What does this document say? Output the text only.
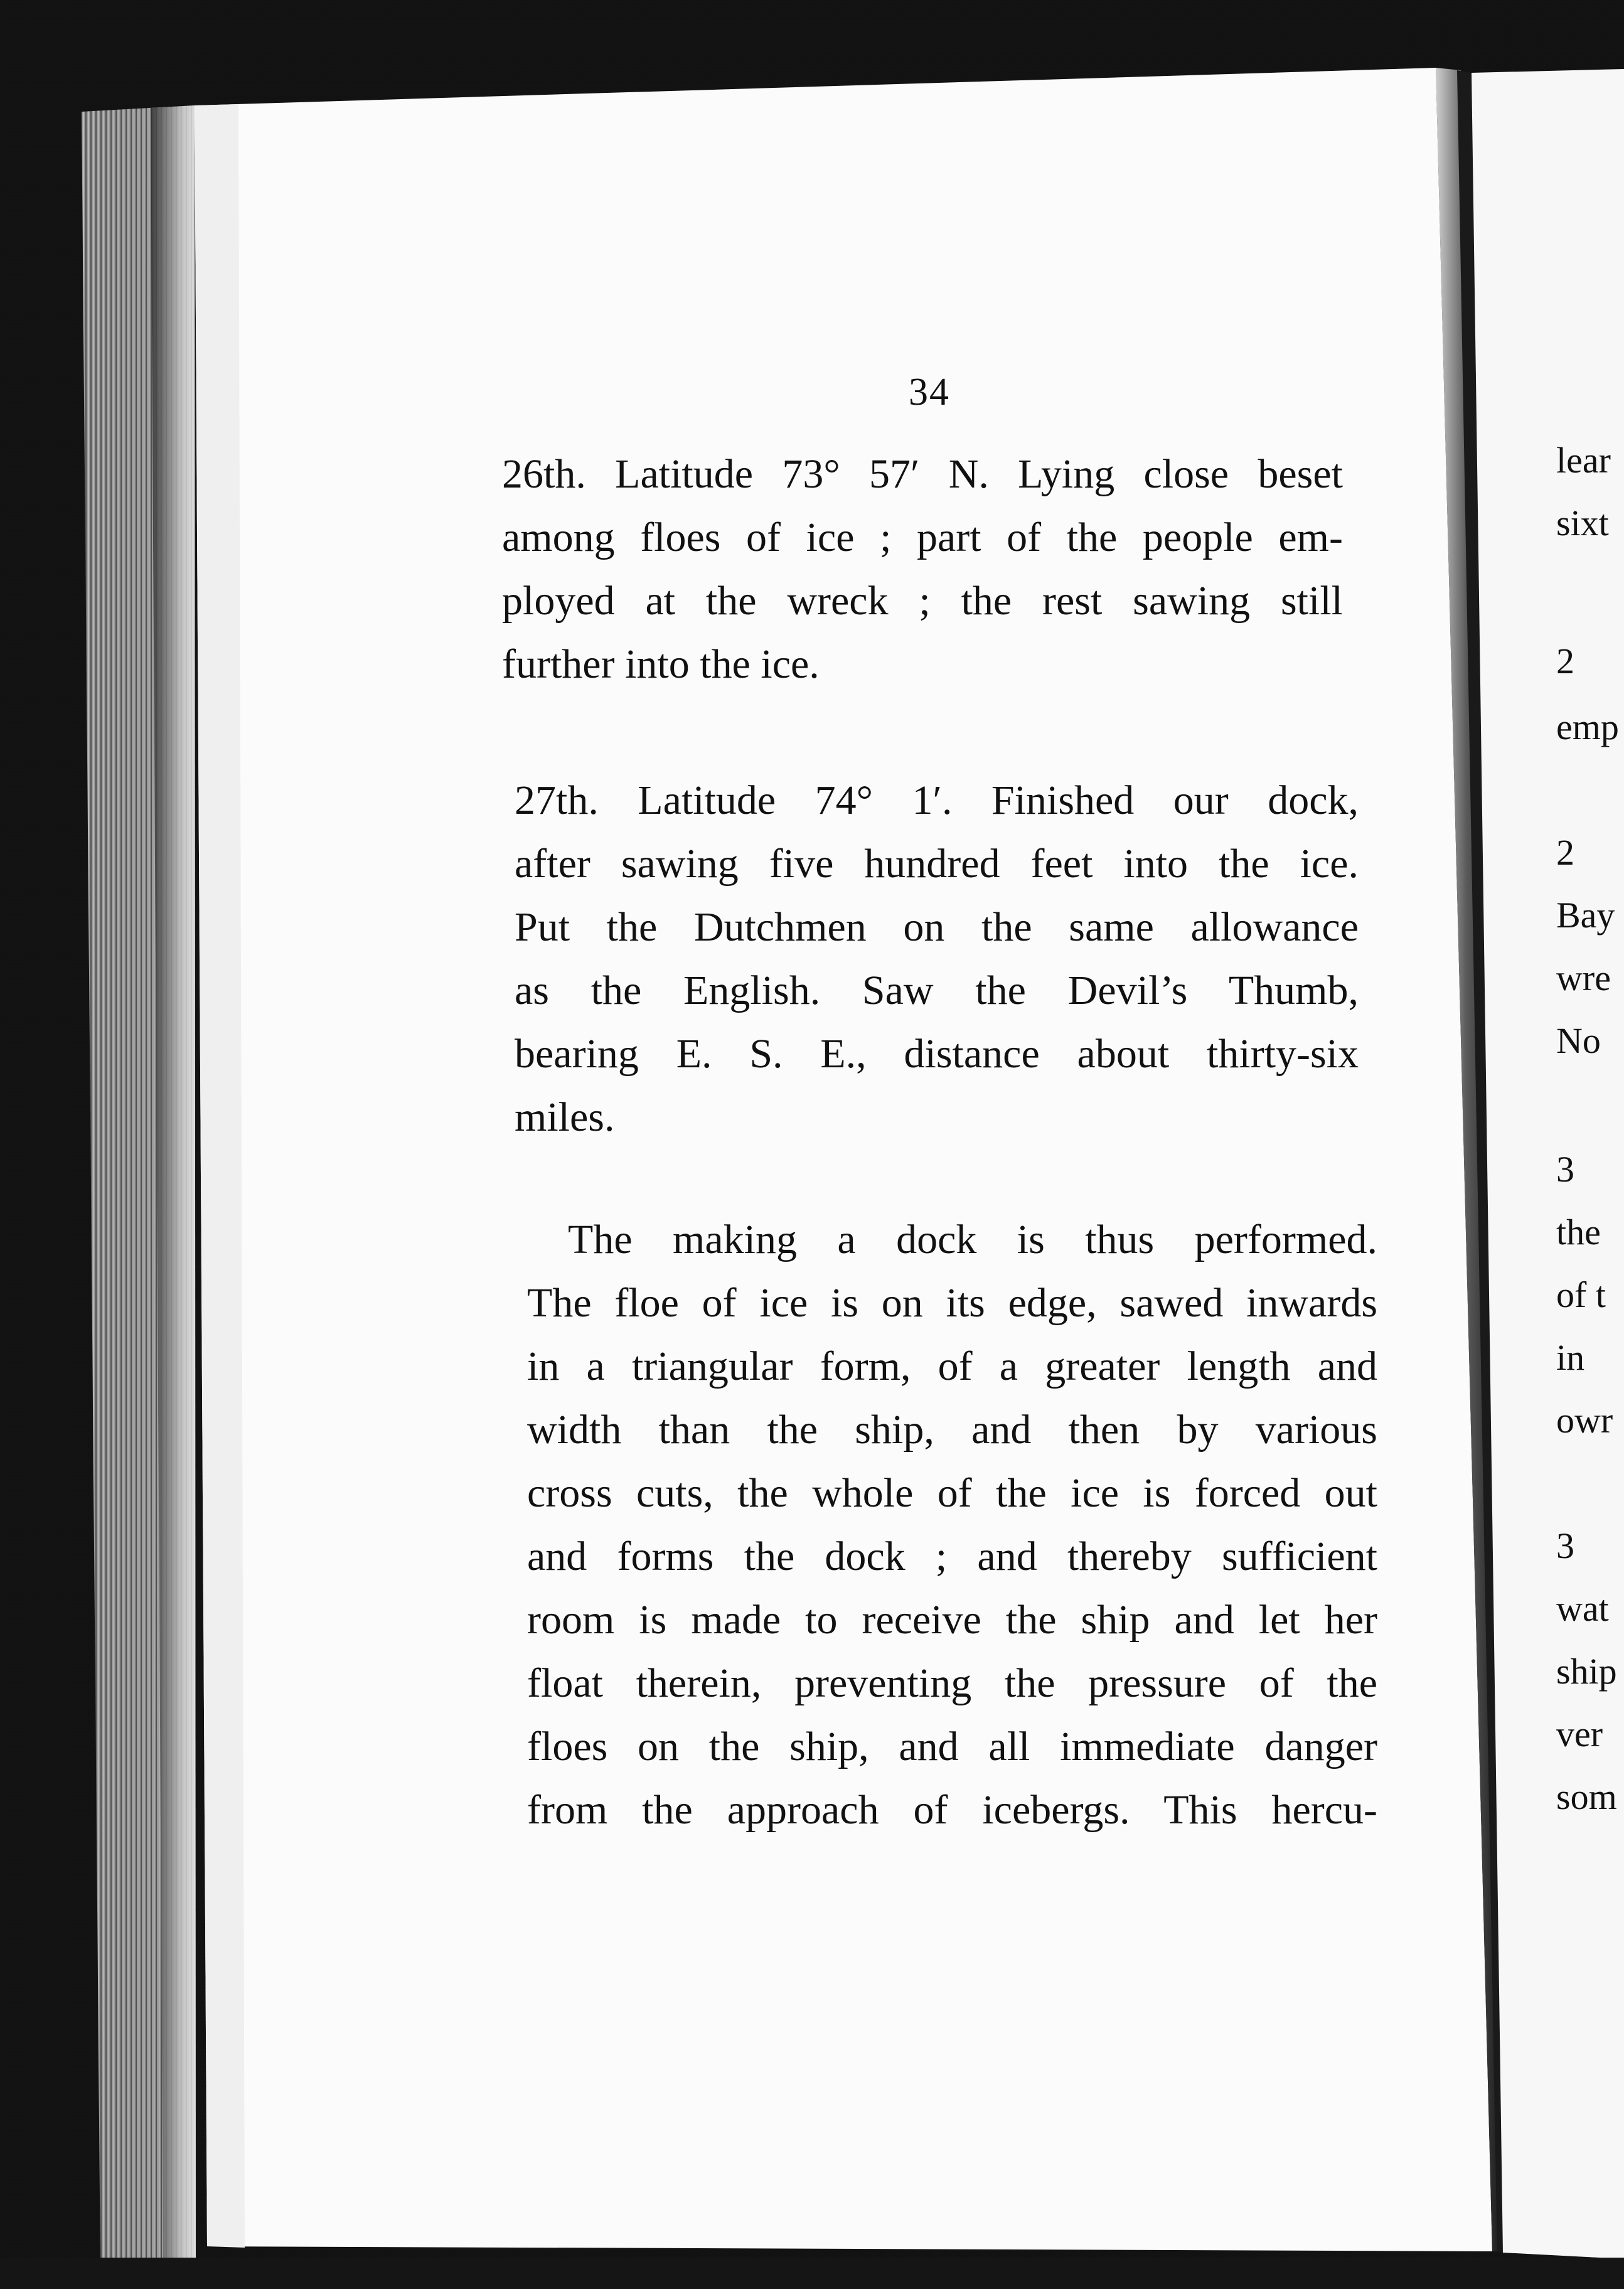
34
26th. Latitude 73° 57′ N. Lying close beset
among floes of ice ; part of the people em-
ployed at the wreck ; the rest sawing still
further into the ice.
27th. Latitude 74° 1′. Finished our dock,
after sawing five hundred feet into the ice.
Put the Dutchmen on the same allowance
as the English. Saw the Devil’s Thumb,
bearing E. S. E., distance about thirty-six
miles.
The making a dock is thus performed.
The floe of ice is on its edge, sawed inwards
in a triangular form, of a greater length and
width than the ship, and then by various
cross cuts, the whole of the ice is forced out
and forms the dock ; and thereby sufficient
room is made to receive the ship and let her
float therein, preventing the pressure of the
floes on the ship, and all immediate danger
from the approach of icebergs. This hercu-
lear
sixt
2
emp
2
Bay
wre
No
3
the
of t
in
owr
3
wat
ship
ver
som
